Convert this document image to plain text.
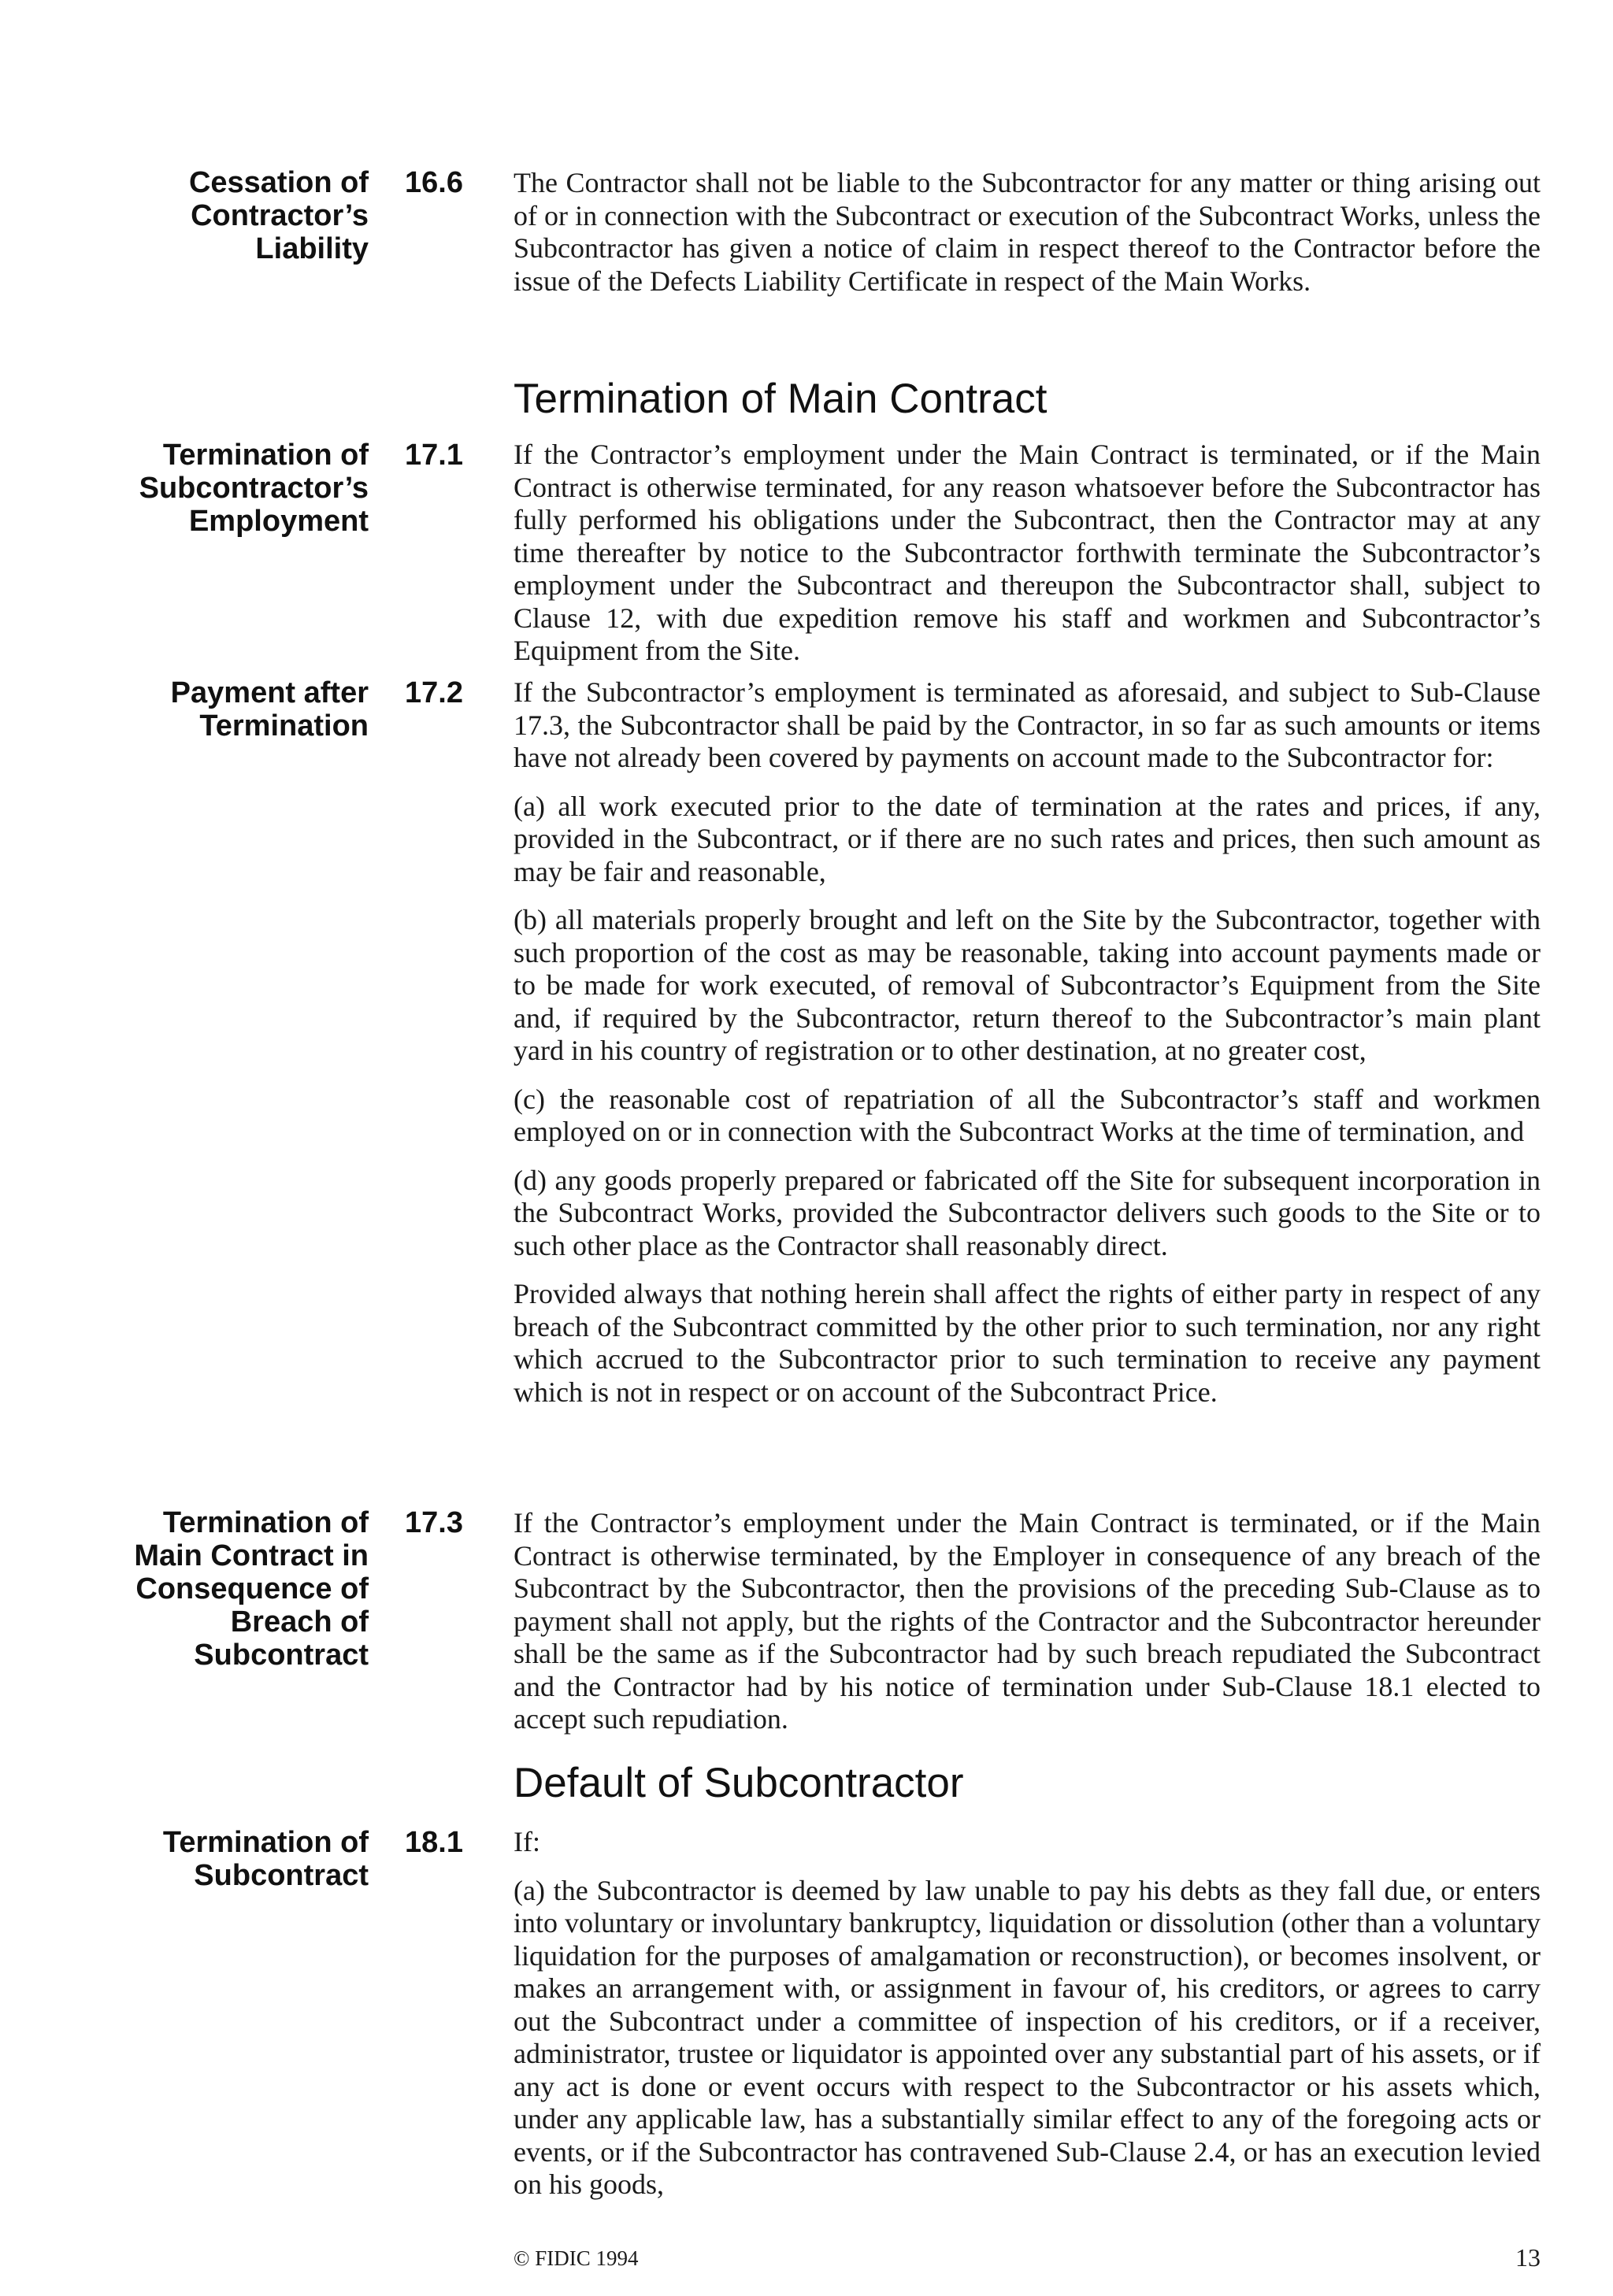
Cessation of
Contractor’s
Liability
16.6	The Contractor shall not be liable to the Subcontractor for any matter or thing arising out of or in connection with the Subcontract or execution of the Subcontract Works, unless the Subcontractor has given a notice of claim in respect thereof to the Contractor before the issue of the Defects Liability Certificate in respect of the Main Works.

Termination of Main Contract
Termination of
Subcontractor’s
Employment
17.1	If the Contractor’s employment under the Main Contract is terminated, or if the Main Contract is otherwise terminated, for any reason whatsoever before the Subcontractor has fully performed his obligations under the Subcontract, then the Contractor may at any time thereafter by notice to the Subcontractor forthwith terminate the Subcontractor’s employment under the Subcontract and thereupon the Subcontractor shall, subject to Clause 12, with due expedition remove his staff and workmen and Subcontractor’s Equipment from the Site.

Payment after
Termination
17.2	If the Subcontractor’s employment is terminated as aforesaid, and subject to Sub-Clause 17.3, the Subcontractor shall be paid by the Contractor, in so far as such amounts or items have not already been covered by payments on account made to the Subcontractor for:

(a) all work executed prior to the date of termination at the rates and prices, if any, provided in the Subcontract, or if there are no such rates and prices, then such amount as may be fair and reasonable,

(b) all materials properly brought and left on the Site by the Subcontractor, together with such proportion of the cost as may be reasonable, taking into account payments made or to be made for work executed, of removal of Subcontractor’s Equipment from the Site and, if required by the Subcontractor, return thereof to the Subcontractor’s main plant yard in his country of registration or to other destination, at no greater cost,

(c) the reasonable cost of repatriation of all the Subcontractor’s staff and workmen employed on or in connection with the Subcontract Works at the time of termination, and

(d) any goods properly prepared or fabricated off the Site for subsequent incorporation in the Subcontract Works, provided the Subcontractor delivers such goods to the Site or to such other place as the Contractor shall reasonably direct.

Provided always that nothing herein shall affect the rights of either party in respect of any breach of the Subcontract committed by the other prior to such termination, nor any right which accrued to the Subcontractor prior to such termination to receive any payment which is not in respect or on account of the Subcontract Price.

Termination of
Main Contract in
Consequence of
Breach of
Subcontract
17.3	If the Contractor’s employment under the Main Contract is terminated, or if the Main Contract is otherwise terminated, by the Employer in consequence of any breach of the Subcontract by the Subcontractor, then the provisions of the preceding Sub-Clause as to payment shall not apply, but the rights of the Contractor and the Subcontractor hereunder shall be the same as if the Subcontractor had by such breach repudiated the Subcontract and the Contractor had by his notice of termination under Sub-Clause 18.1 elected to accept such repudiation.

Default of Subcontractor
Termination of
Subcontract
18.1	If:

(a) the Subcontractor is deemed by law unable to pay his debts as they fall due, or enters into voluntary or involuntary bankruptcy, liquidation or dissolution (other than a voluntary liquidation for the purposes of amalgamation or reconstruction), or becomes insolvent, or makes an arrangement with, or assignment in favour of, his creditors, or agrees to carry out the Subcontract under a committee of inspection of his creditors, or if a receiver, administrator, trustee or liquidator is appointed over any substantial part of his assets, or if any act is done or event occurs with respect to the Subcontractor or his assets which, under any applicable law, has a substantially similar effect to any of the foregoing acts or events, or if the Subcontractor has contravened Sub-Clause 2.4, or has an execution levied on his goods,

© FIDIC 1994	13
